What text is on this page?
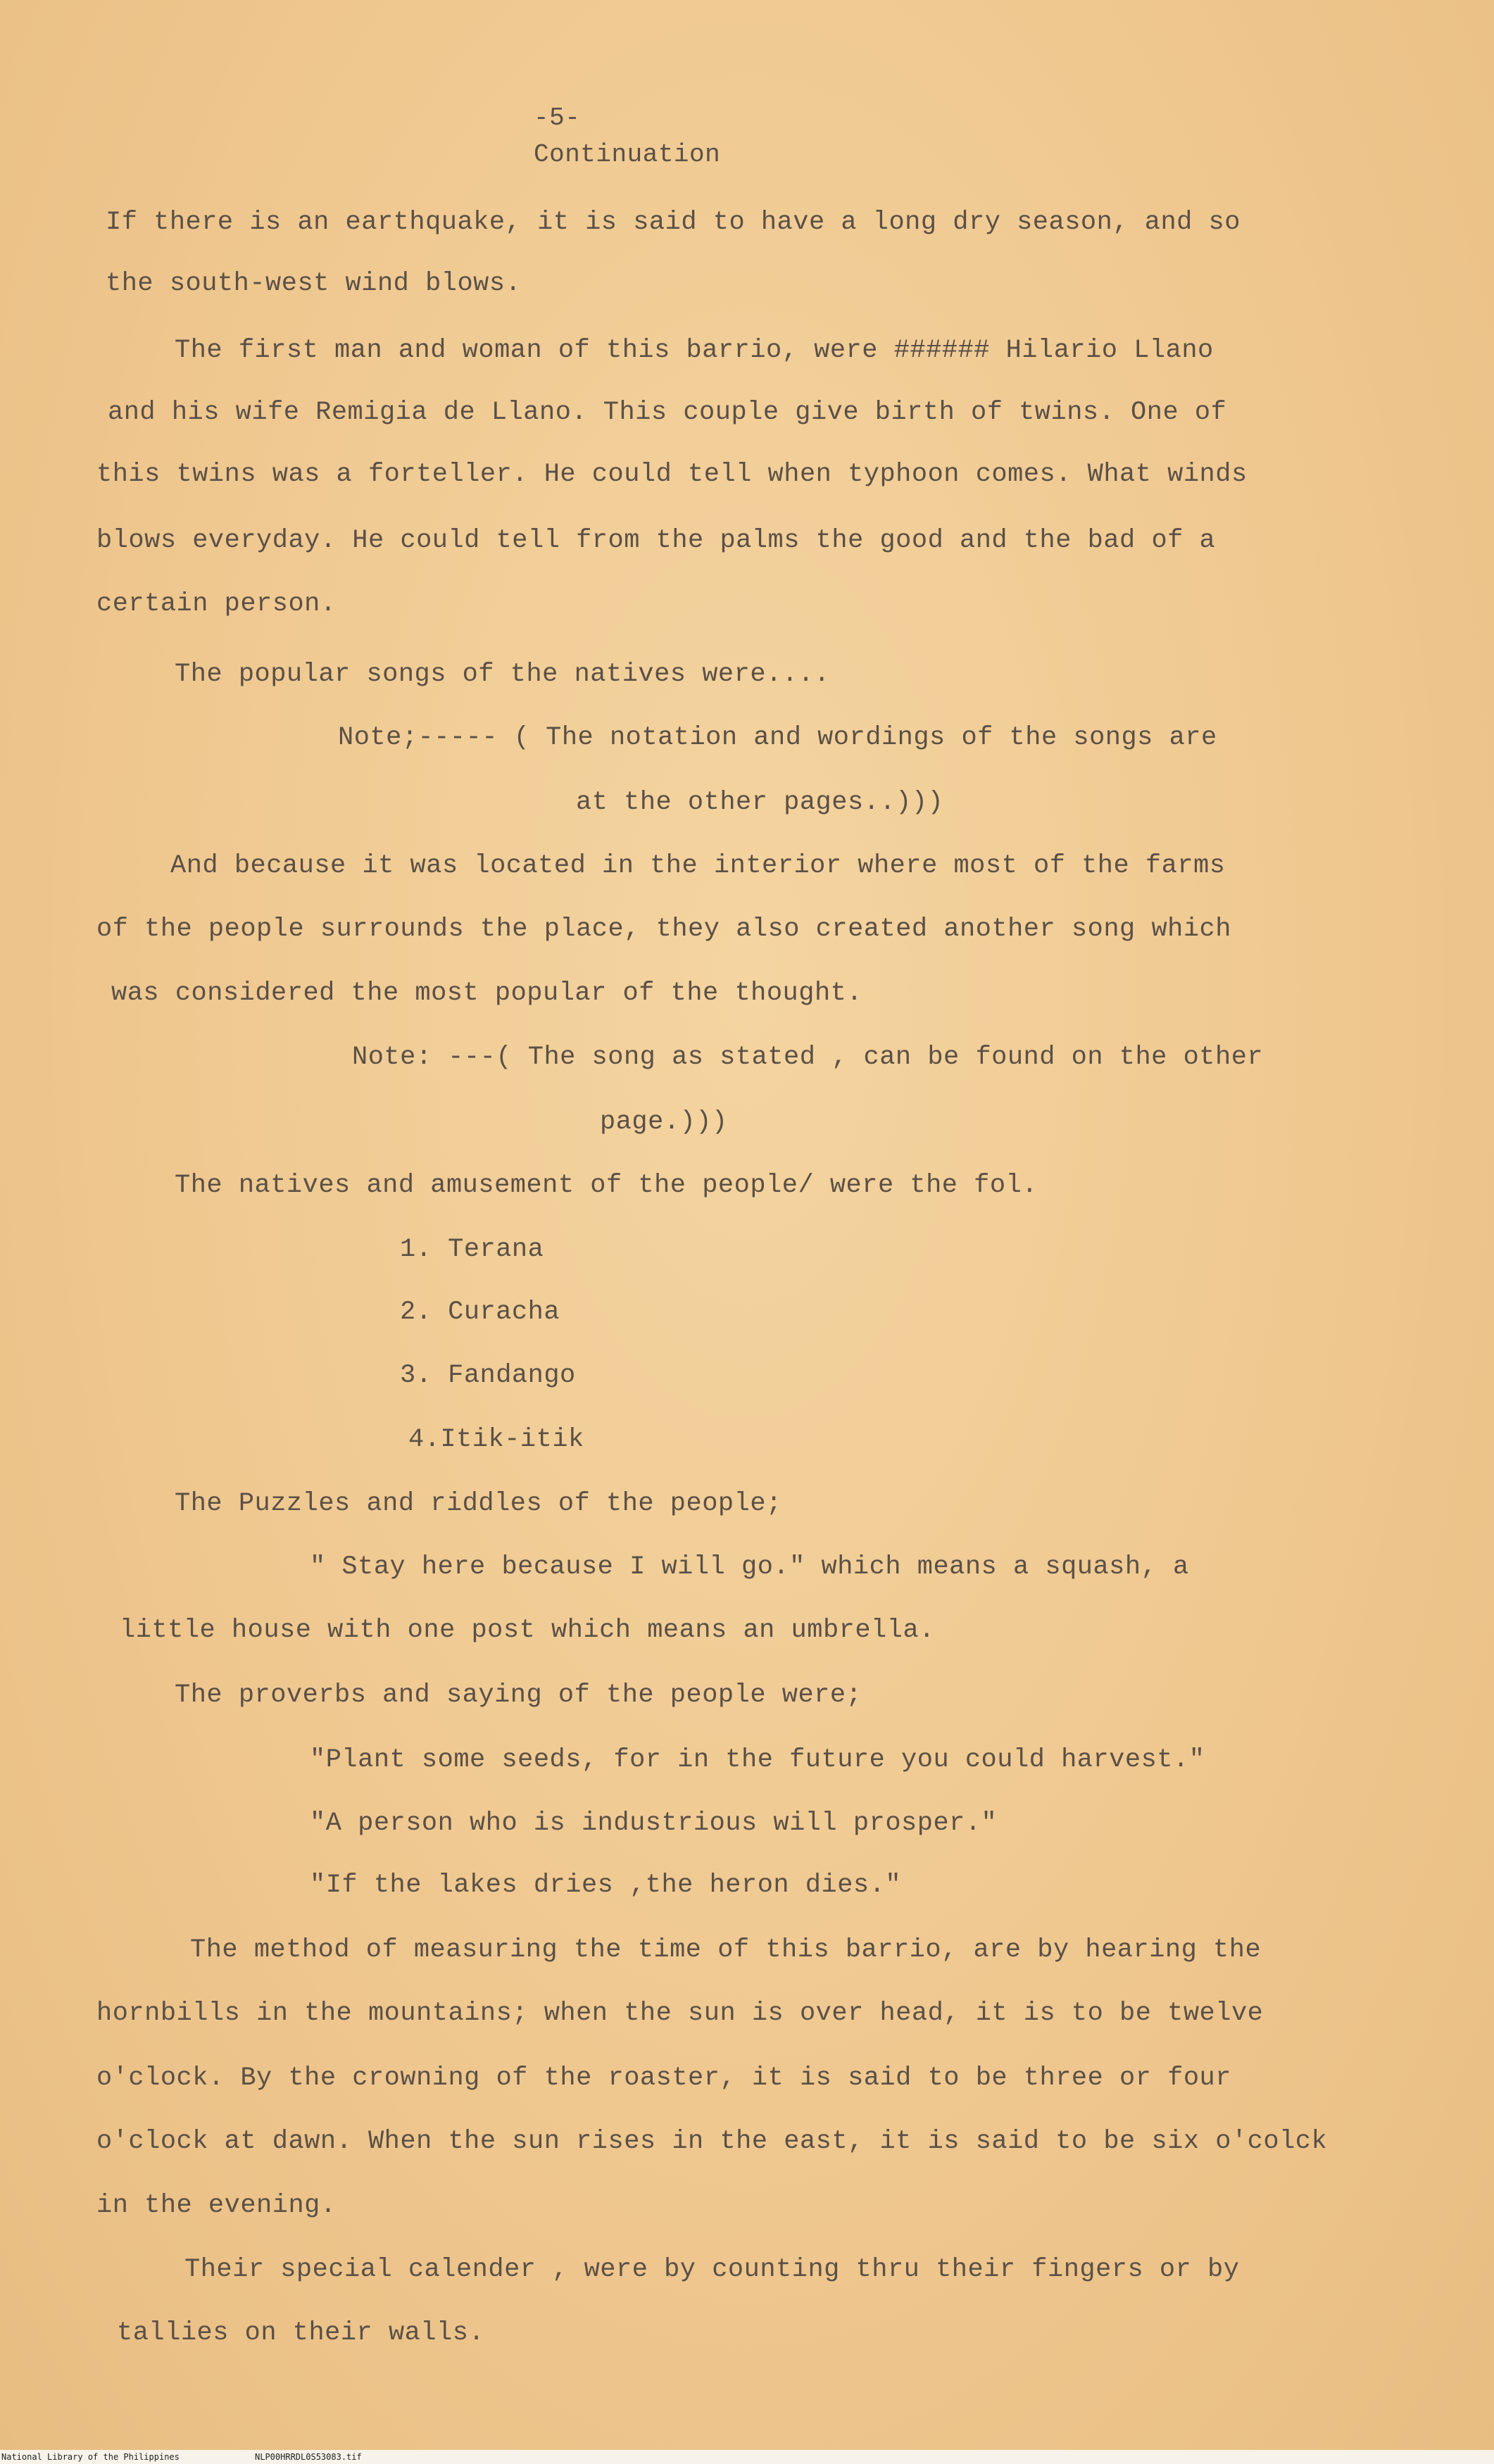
-5-
Continuation
If there is an earthquake, it is said to have a long dry season, and so
the south-west wind blows.
The first man and woman of this barrio, were ###### Hilario Llano
and his wife Remigia de Llano. This couple give birth of twins. One of
this twins was a forteller. He could tell when typhoon comes. What winds
blows everyday. He could tell from the palms the good and the bad of a
certain person.
The popular songs of the natives were....
Note;----- ( The notation and wordings of the songs are
at the other pages..)))
And because it was located in the interior where most of the farms
of the people surrounds the place, they also created another song which
was considered the most popular of the thought.
Note: ---( The song as stated , can be found on the other
page.)))
The natives and amusement of the people/ were the fol.
1. Terana
2. Curacha
3. Fandango
4.Itik-itik
The Puzzles and riddles of the people;
" Stay here because I will go." which means a squash, a
little house with one post which means an umbrella.
The proverbs and saying of the people were;
"Plant some seeds, for in the future you could harvest."
"A person who is industrious will prosper."
"If the lakes dries ,the heron dies."
The method of measuring the time of this barrio, are by hearing the
hornbills in the mountains; when the sun is over head, it is to be twelve
o'clock. By the crowning of the roaster, it is said to be three or four
o'clock at dawn. When the sun rises in the east, it is said to be six o'colck
in the evening.
Their special calender , were by counting thru their fingers or by
tallies on their walls.
National Library of the Philippines	NLP00HRRDL0S53083.tif
